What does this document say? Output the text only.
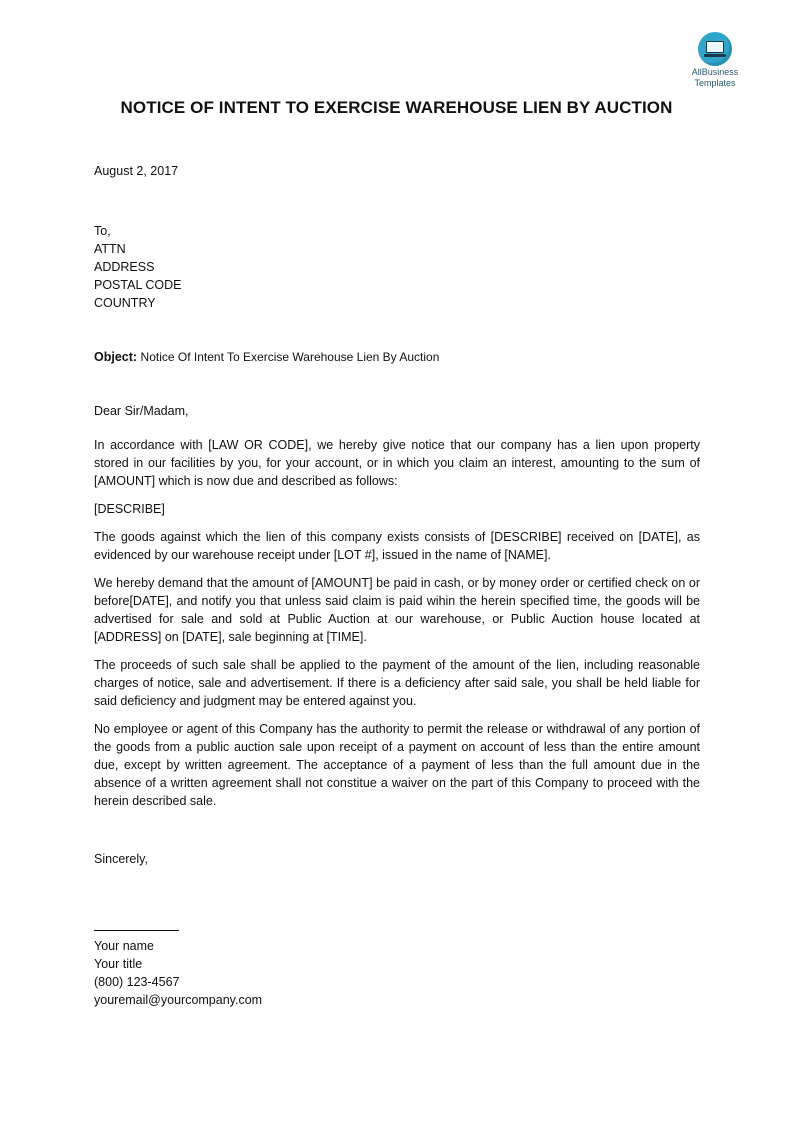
AllBusiness
Templates
NOTICE OF INTENT TO EXERCISE WAREHOUSE LIEN BY AUCTION
August 2, 2017
To,
ATTN
ADDRESS
POSTAL CODE
COUNTRY
Object: Notice Of Intent To Exercise Warehouse Lien By Auction
Dear Sir/Madam,
In accordance with [LAW OR CODE], we hereby give notice that our company has a lien upon property stored in our facilities by you, for your account, or in which you claim an interest, amounting to the sum of [AMOUNT] which is now due and described as follows:
[DESCRIBE]
The goods against which the lien of this company exists consists of [DESCRIBE] received on [DATE], as evidenced by our warehouse receipt under [LOT #], issued in the name of [NAME].
We hereby demand that the amount of [AMOUNT] be paid in cash, or by money order or certified check on or before[DATE], and notify you that unless said claim is paid wihin the herein specified time, the goods will be advertised for sale and sold at Public Auction at our warehouse, or Public Auction house located at [ADDRESS] on [DATE], sale beginning at [TIME].
The proceeds of such sale shall be applied to the payment of the amount of the lien, including reasonable charges of notice, sale and advertisement. If there is a deficiency after said sale, you shall be held liable for said deficiency and judgment may be entered against you.
No employee or agent of this Company has the authority to permit the release or withdrawal of any portion of the goods from a public auction sale upon receipt of a payment on account of less than the entire amount due, except by written agreement. The acceptance of a payment of less than the full amount due in the absence of a written agreement shall not constitue a waiver on the part of this Company to proceed with the herein described sale.
Sincerely,
Your name
Your title
(800) 123-4567
youremail@yourcompany.com
